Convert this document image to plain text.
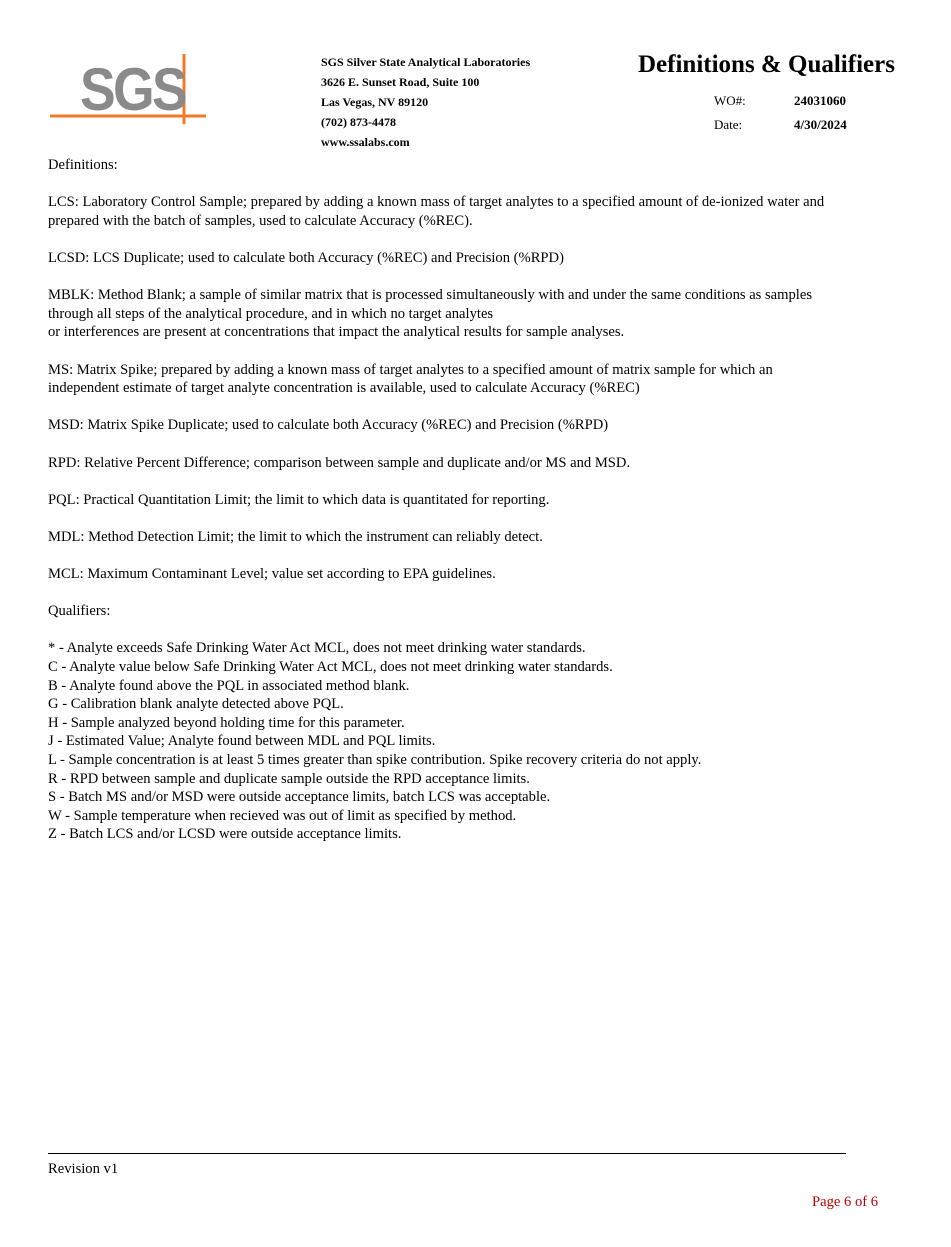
SGS	SGS Silver State Analytical Laboratories
3626 E. Sunset Road, Suite 100
Las Vegas, NV 89120
(702) 873-4478
www.ssalabs.com
Definitions & Qualifiers
WO#:	24031060
Date:	4/30/2024
Definitions:
LCS: Laboratory Control Sample; prepared by adding a known mass of target analytes to a specified amount of de-ionized water and
prepared with the batch of samples, used to calculate Accuracy (%REC).
LCSD: LCS Duplicate; used to calculate both Accuracy (%REC) and Precision (%RPD)
MBLK: Method Blank; a sample of similar matrix that is processed simultaneously with and under the same conditions as samples
through all steps of the analytical procedure, and in which no target analytes
or interferences are present at concentrations that impact the analytical results for sample analyses.
MS: Matrix Spike; prepared by adding a known mass of target analytes to a specified amount of matrix sample for which an
independent estimate of target analyte concentration is available, used to calculate Accuracy (%REC)
MSD: Matrix Spike Duplicate; used to calculate both Accuracy (%REC) and Precision (%RPD)
RPD: Relative Percent Difference; comparison between sample and duplicate and/or MS and MSD.
PQL: Practical Quantitation Limit; the limit to which data is quantitated for reporting.
MDL: Method Detection Limit; the limit to which the instrument can reliably detect.
MCL: Maximum Contaminant Level; value set according to EPA guidelines.
Qualifiers:
* - Analyte exceeds Safe Drinking Water Act MCL, does not meet drinking water standards.
C - Analyte value below Safe Drinking Water Act MCL, does not meet drinking water standards.
B - Analyte found above the PQL in associated method blank.
G - Calibration blank analyte detected above PQL.
H - Sample analyzed beyond holding time for this parameter.
J - Estimated Value; Analyte found between MDL and PQL limits.
L - Sample concentration is at least 5 times greater than spike contribution. Spike recovery criteria do not apply.
R - RPD between sample and duplicate sample outside the RPD acceptance limits.
S - Batch MS and/or MSD were outside acceptance limits, batch LCS was acceptable.
W - Sample temperature when recieved was out of limit as specified by method.
Z - Batch LCS and/or LCSD were outside acceptance limits.
Revision v1
Page 6 of 6
